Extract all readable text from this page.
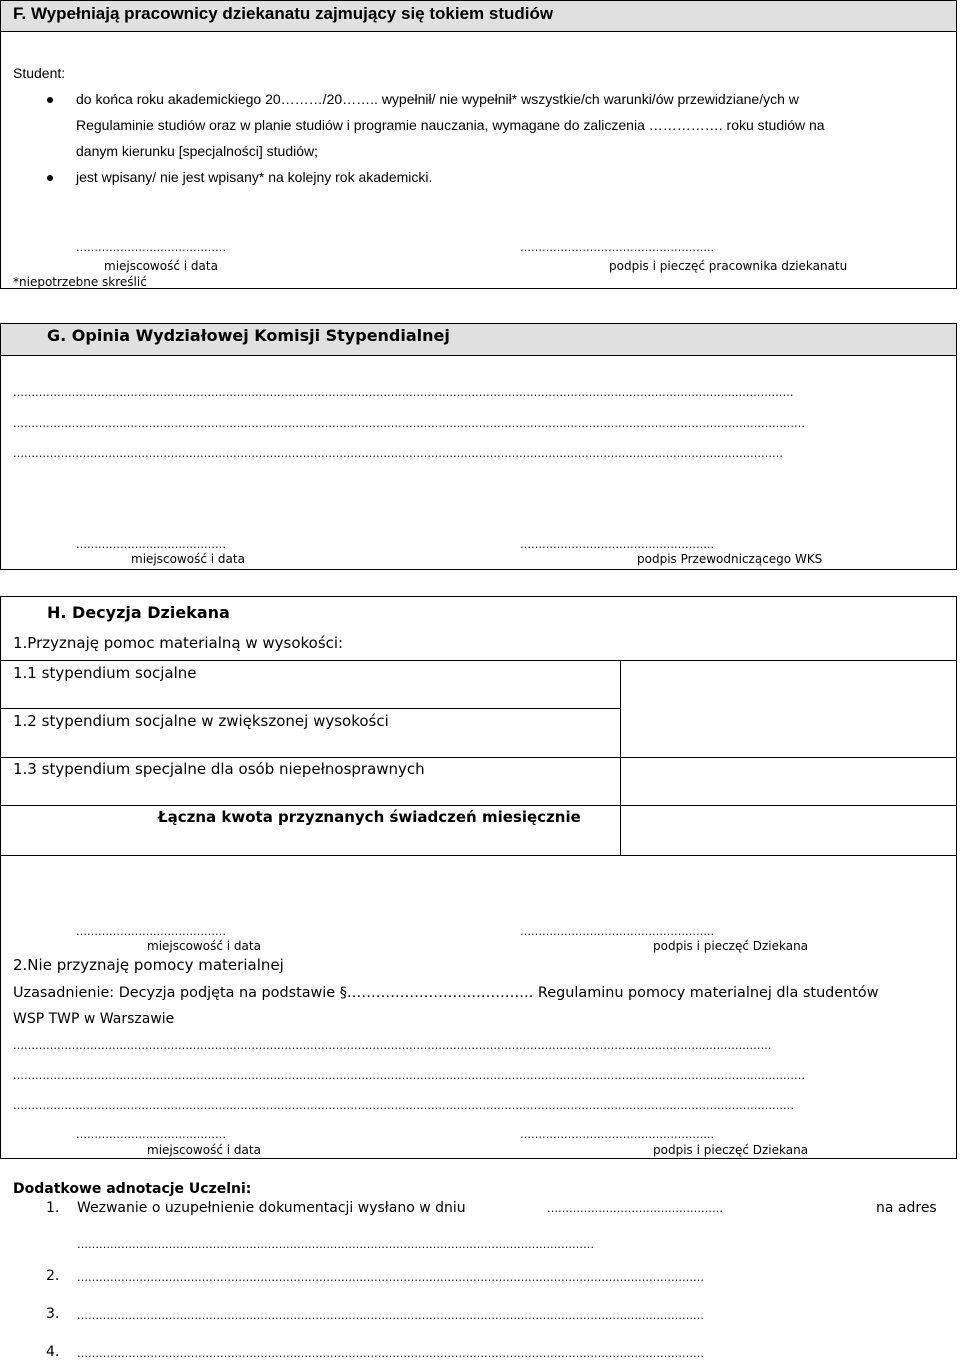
F. Wypełniają pracownicy dziekanatu zajmujący się tokiem studiów
Student:
do końca roku akademickiego 20………/20…….. wypełnił/ nie wypełnił* wszystkie/ch warunki/ów przewidziane/ych w
Regulaminie studiów oraz w planie studiów i programie nauczania, wymagane do zaliczenia ……………. roku studiów na
danym kierunku [specjalności] studiów;
jest wpisany/ nie jest wpisany* na kolejny rok akademicki.
…………………..………………	……………………………………………..
miejscowość i data	podpis i pieczęć pracownika dziekanatu
*niepotrzebne skreślić
G. Opinia Wydziałowej Komisji Stypendialnej
……………………………………………………………………………………………………………………………………………………………………………...……………
………………………………………………………………………………………………………………………………………………………………………………………………
…………………………………………………………………………………………………………………………………………………………………………………………
…………………..………………	……………………………………………..
miejscowość i data	podpis Przewodniczącego WKS
H. Decyzja Dziekana
1.Przyznaję pomoc materialną w wysokości:
1.1 stypendium socjalne
1.2 stypendium socjalne w zwiększonej wysokości
1.3 stypendium specjalne dla osób niepełnosprawnych
Łączna kwota przyznanych świadczeń miesięcznie
…………………..………………	……………………………………………..
miejscowość i data	podpis i pieczęć Dziekana
2.Nie przyznaję pomocy materialnej
Uzasadnienie: Decyzja podjęta na podstawie §……………………..…………. Regulaminu pomocy materialnej dla studentów
WSP TWP w Warszawie
……………………………………………………………………………………………………………………………………………………………………...………………
………………………………………………………………………………………………………………………………………………………………………………………………
……………………………………………………………………………………………………………………………………………………………………………………………
…………………..………………	……………………………………………..
miejscowość i data	podpis i pieczęć Dziekana
Dodatkowe adnotacje Uczelni:
1. Wezwanie o uzupełnienie dokumentacji wysłano w dniu	…………………………………………	na adres
……………………………………………………………………………………………………………………………
2. ………………………………………………………………………………………………………………………………………………………
3. ………………………………………………………………………………………………………………………………………………………
4. ………………………………………………………………………………………………………………………………………………………
